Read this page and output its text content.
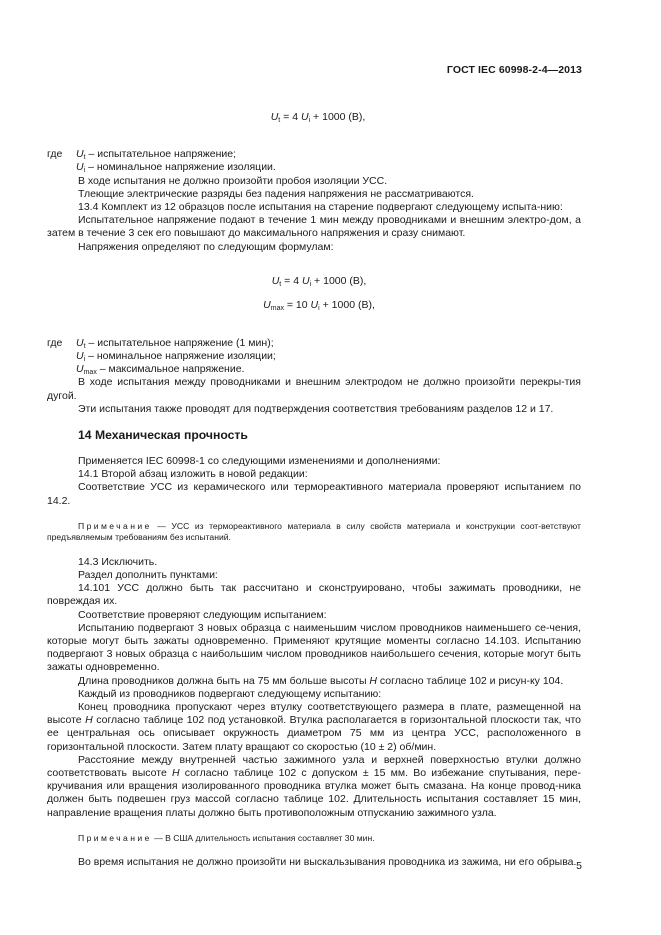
ГОСТ IEC 60998-2-4—2013

$U_t = 4$ $U_i + 1000$ (В),

где	$U_t$ – испытательное напряжение;

$U_i$ – номинальное напряжение изоляции.

В ходе испытания не должно произойти пробоя изоляции УСС.

Тлеющие электрические разряды без падения напряжения не рассматриваются.

13.4 Комплект из 12 образцов после испытания на старение подвергают следующему испыта-нию:

Испытательное напряжение подают в течение 1 мин между проводниками и внешним электро-дом, а затем в течение 3 сек его повышают до максимального напряжения и сразу снимают.

Напряжения определяют по следующим формулам:

$U_t = 4$ $U_i + 1000$ (В),

$U_{max} = 10$ $U_i + 1000$ (В),

где	$U_t$ – испытательное напряжение (1 мин);

$U_i$ – номинальное напряжение изоляции;

$U_{max}$ – максимальное напряжение.

В ходе испытания между проводниками и внешним электродом не должно произойти перекры-тия дугой.

Эти испытания также проводят для подтверждения соответствия требованиям разделов 12 и 17.

14 Механическая прочность

Применяется IEC 60998-1 со следующими изменениями и дополнениями:

14.1 Второй абзац изложить в новой редакции:

Соответствие УСС из керамического или термореактивного материала проверяют испытанием по 14.2.

Примечание — УСС из термореактивного материала в силу свойств материала и конструкции соот-ветствуют предъявляемым требованиям без испытаний.

14.3 Исключить.

Раздел дополнить пунктами:

14.101 УСС должно быть так рассчитано и сконструировано, чтобы зажимать проводники, не повреждая их.

Соответствие проверяют следующим испытанием:

Испытанию подвергают 3 новых образца с наименьшим числом проводников наименьшего се-чения, которые могут быть зажаты одновременно. Применяют крутящие моменты согласно 14.103. Испытанию подвергают 3 новых образца с наибольшим числом проводников наибольшего сечения, которые могут быть зажаты одновременно.

Длина проводников должна быть на 75 мм больше высоты H согласно таблице 102 и рисун-ку 104.

Каждый из проводников подвергают следующему испытанию:

Конец проводника пропускают через втулку соответствующего размера в плате, размещенной на высоте H согласно таблице 102 под установкой. Втулка располагается в горизонтальной плоскости так, что ее центральная ось описывает окружность диаметром 75 мм из центра УСС, расположенного в горизонтальной плоскости. Затем плату вращают со скоростью (10 ± 2) об/мин.

Расстояние между внутренней частью зажимного узла и верхней поверхностью втулки должно соответствовать высоте H согласно таблице 102 с допуском ± 15 мм. Во избежание спутывания, пере-кручивания или вращения изолированного проводника втулка может быть смазана. На конце провод-ника должен быть подвешен груз массой согласно таблице 102. Длительность испытания составляет 15 мин, направление вращения платы должно быть противоположным отпусканию зажимного узла.

Примечание — В США длительность испытания составляет 30 мин.

Во время испытания не должно произойти ни выскальзывания проводника из зажима, ни его обрыва. 5
